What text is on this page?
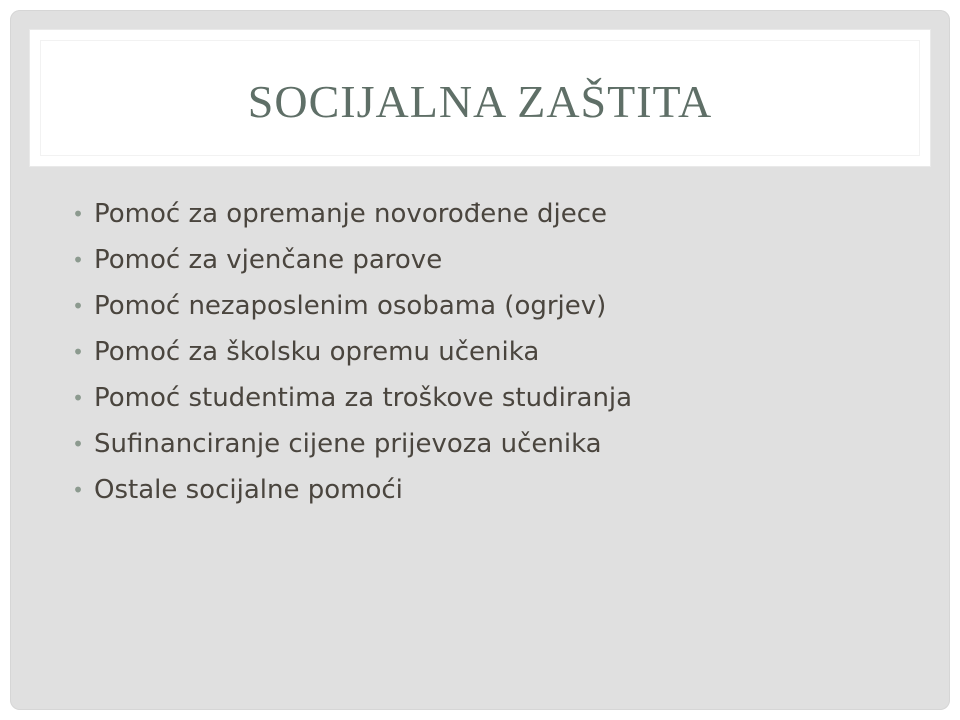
SOCIJALNA ZAŠTITA
• Pomoć za opremanje novorođene djece
• Pomoć za vjenčane parove
• Pomoć nezaposlenim osobama (ogrjev)
• Pomoć za školsku opremu učenika
• Pomoć studentima za troškove studiranja
• Sufinanciranje cijene prijevoza učenika
• Ostale socijalne pomoći
